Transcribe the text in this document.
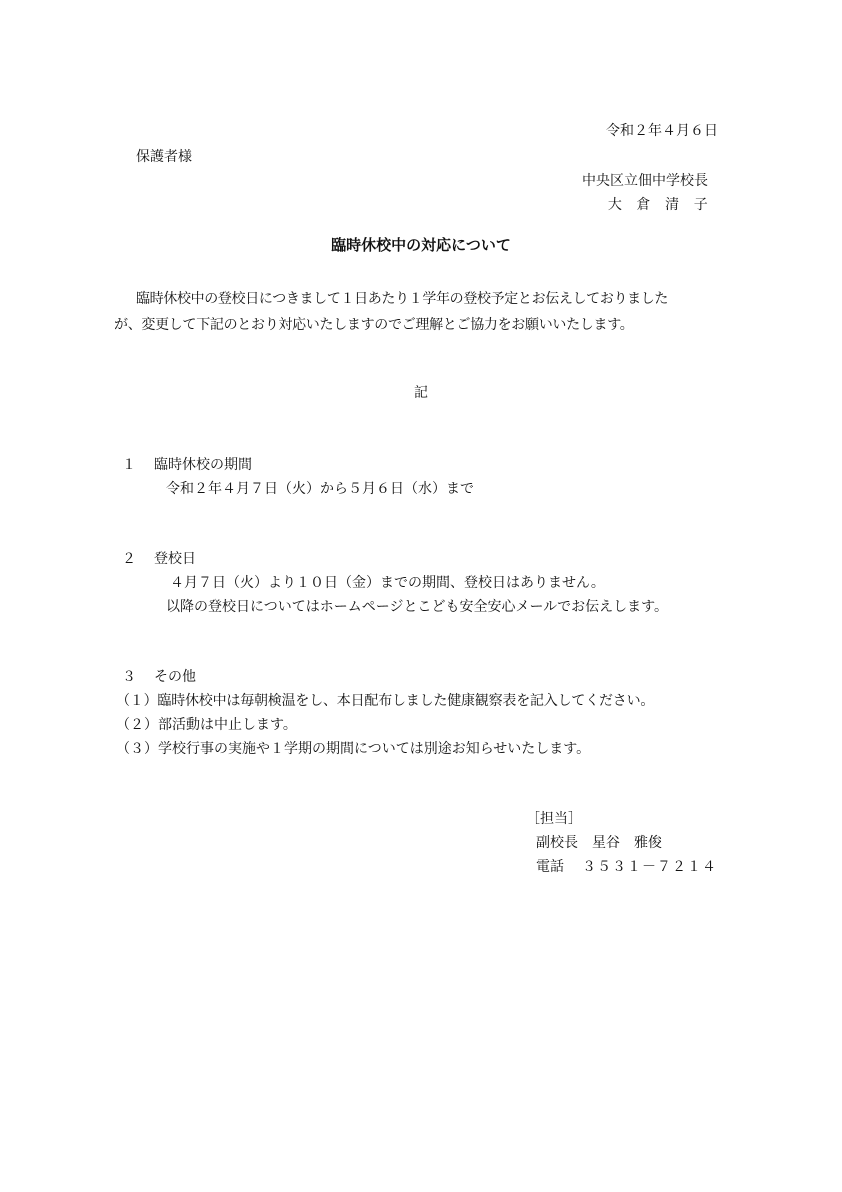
令和２年４月６日
保護者様
中央区立佃中学校長
大　倉　清　子
臨時休校中の対応について
臨時休校中の登校日につきまして１日あたり１学年の登校予定とお伝えしておりました
が、変更して下記のとおり対応いたしますのでご理解とご協力をお願いいたします。
記
１ 臨時休校の期間
令和２年４月７日（火）から５月６日（水）まで
２ 登校日
４月７日（火）より１０日（金）までの期間、登校日はありません。
以降の登校日についてはホームページとこども安全安心メールでお伝えします。
３ その他
（１）臨時休校中は毎朝検温をし、本日配布しました健康観察表を記入してください。
（２）部活動は中止します。
（３）学校行事の実施や１学期の期間については別途お知らせいたします。
［担当］
副校長 星谷　雅俊
電話 ３５３１－７２１４
